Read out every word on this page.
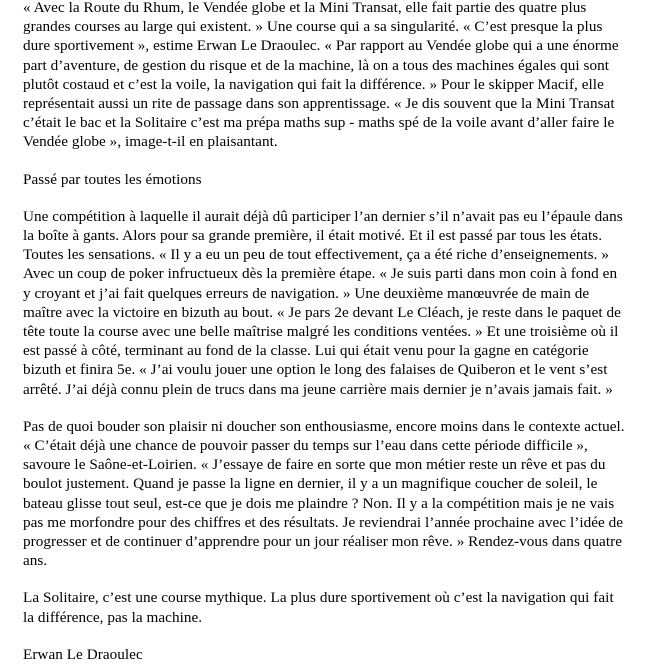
« Avec la Route du Rhum, le Vendée globe et la Mini Transat, elle fait partie des quatre plus grandes courses au large qui existent. » Une course qui a sa singularité. « C’est presque la plus dure sportivement », estime Erwan Le Draoulec. « Par rapport au Vendée globe qui a une énorme part d’aventure, de gestion du risque et de la machine, là on a tous des machines égales qui sont plutôt costaud et c’est la voile, la navigation qui fait la différence. » Pour le skipper Macif, elle représentait aussi un rite de passage dans son apprentissage. « Je dis souvent que la Mini Transat c’était le bac et la Solitaire c’est ma prépa maths sup - maths spé de la voile avant d’aller faire le Vendée globe », image-t-il en plaisantant.

Passé par toutes les émotions

Une compétition à laquelle il aurait déjà dû participer l’an dernier s’il n’avait pas eu l’épaule dans la boîte à gants. Alors pour sa grande première, il était motivé. Et il est passé par tous les états. Toutes les sensations. « Il y a eu un peu de tout effectivement, ça a été riche d’enseignements. » Avec un coup de poker infructueux dès la première étape. « Je suis parti dans mon coin à fond en y croyant et j’ai fait quelques erreurs de navigation. » Une deuxième manœuvrée de main de maître avec la victoire en bizuth au bout. « Je pars 2e devant Le Cléach, je reste dans le paquet de tête toute la course avec une belle maîtrise malgré les conditions ventées. » Et une troisième où il est passé à côté, terminant au fond de la classe. Lui qui était venu pour la gagne en catégorie bizuth et finira 5e. « J’ai voulu jouer une option le long des falaises de Quiberon et le vent s’est arrêté. J’ai déjà connu plein de trucs dans ma jeune carrière mais dernier je n’avais jamais fait. »

Pas de quoi bouder son plaisir ni doucher son enthousiasme, encore moins dans le contexte actuel. « C’était déjà une chance de pouvoir passer du temps sur l’eau dans cette période difficile », savoure le Saône-et-Loirien. « J’essaye de faire en sorte que mon métier reste un rêve et pas du boulot justement. Quand je passe la ligne en dernier, il y a un magnifique coucher de soleil, le bateau glisse tout seul, est-ce que je dois me plaindre ? Non. Il y a la compétition mais je ne vais pas me morfondre pour des chiffres et des résultats. Je reviendrai l’année prochaine avec l’idée de progresser et de continuer d’apprendre pour un jour réaliser mon rêve. » Rendez-vous dans quatre ans.

La Solitaire, c’est une course mythique. La plus dure sportivement où c’est la navigation qui fait la différence, pas la machine.

Erwan Le Draoulec
